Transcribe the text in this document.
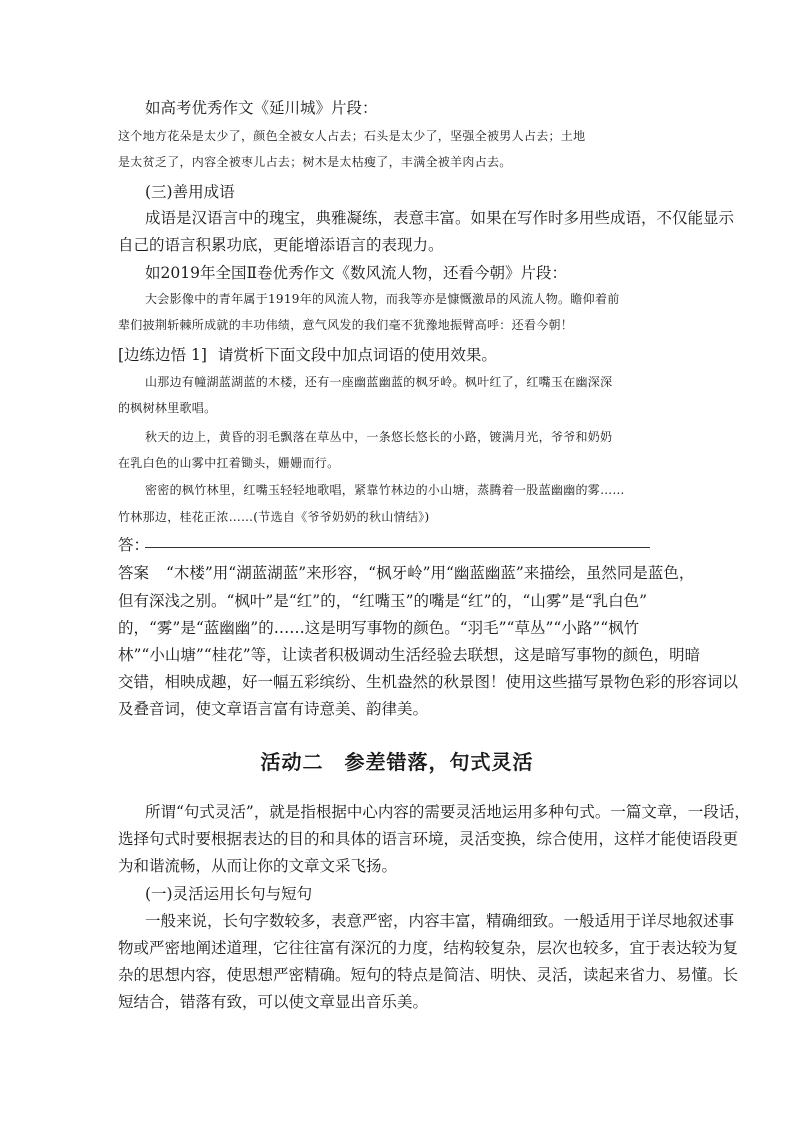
如高考优秀作文《延川城》片段：

这个地方花朵是太少了，颜色全被女人占去；石头是太少了，坚强全被男人占去；土地

是太贫乏了，内容全被枣儿占去；树木是太枯瘦了，丰满全被羊肉占去。

(三)善用成语

成语是汉语言中的瑰宝，典雅凝练，表意丰富。如果在写作时多用些成语，不仅能显示

自己的语言积累功底，更能增添语言的表现力。

如2019年全国Ⅱ卷优秀作文《数风流人物，还看今朝》片段：

大会影像中的青年属于1919年的风流人物，而我等亦是慷慨激昂的风流人物。瞻仰着前

辈们披荆斩棘所成就的丰功伟绩，意气风发的我们毫不犹豫地振臂高呼：还看今朝！

[边练边悟 1] 请赏析下面文段中加点词语的使用效果。

山那边有幢湖蓝湖蓝的木楼，还有一座幽蓝幽蓝的枫牙岭。枫叶红了，红嘴玉在幽深深

的枫树林里歌唱。

秋天的边上，黄昏的羽毛飘落在草丛中，一条悠长悠长的小路，镀满月光，爷爷和奶奶

在乳白色的山雾中扛着锄头，姗姗而行。

密密的枫竹林里，红嘴玉轻轻地歌唱，紧靠竹林边的小山塘，蒸腾着一股蓝幽幽的雾……

竹林那边，桂花正浓……(节选自《爷爷奶奶的秋山情结》)

答：

答案 “木楼”用“湖蓝湖蓝”来形容，“枫牙岭”用“幽蓝幽蓝”来描绘，虽然同是蓝色，

但有深浅之别。“枫叶”是“红”的，“红嘴玉”的嘴是“红”的，“山雾”是“乳白色”

的，“雾”是“蓝幽幽”的……这是明写事物的颜色。“羽毛”“草丛”“小路”“枫竹

林”“小山塘”“桂花”等，让读者积极调动生活经验去联想，这是暗写事物的颜色，明暗

交错，相映成趣，好一幅五彩缤纷、生机盎然的秋景图！使用这些描写景物色彩的形容词以

及叠音词，使文章语言富有诗意美、韵律美。

活动二　参差错落，句式灵活

所谓“句式灵活”，就是指根据中心内容的需要灵活地运用多种句式。一篇文章，一段话，

选择句式时要根据表达的目的和具体的语言环境，灵活变换，综合使用，这样才能使语段更

为和谐流畅，从而让你的文章文采飞扬。

(一)灵活运用长句与短句

一般来说，长句字数较多，表意严密，内容丰富，精确细致。一般适用于详尽地叙述事

物或严密地阐述道理，它往往富有深沉的力度，结构较复杂，层次也较多，宜于表达较为复

杂的思想内容，使思想严密精确。短句的特点是简洁、明快、灵活，读起来省力、易懂。长

短结合，错落有致，可以使文章显出音乐美。
